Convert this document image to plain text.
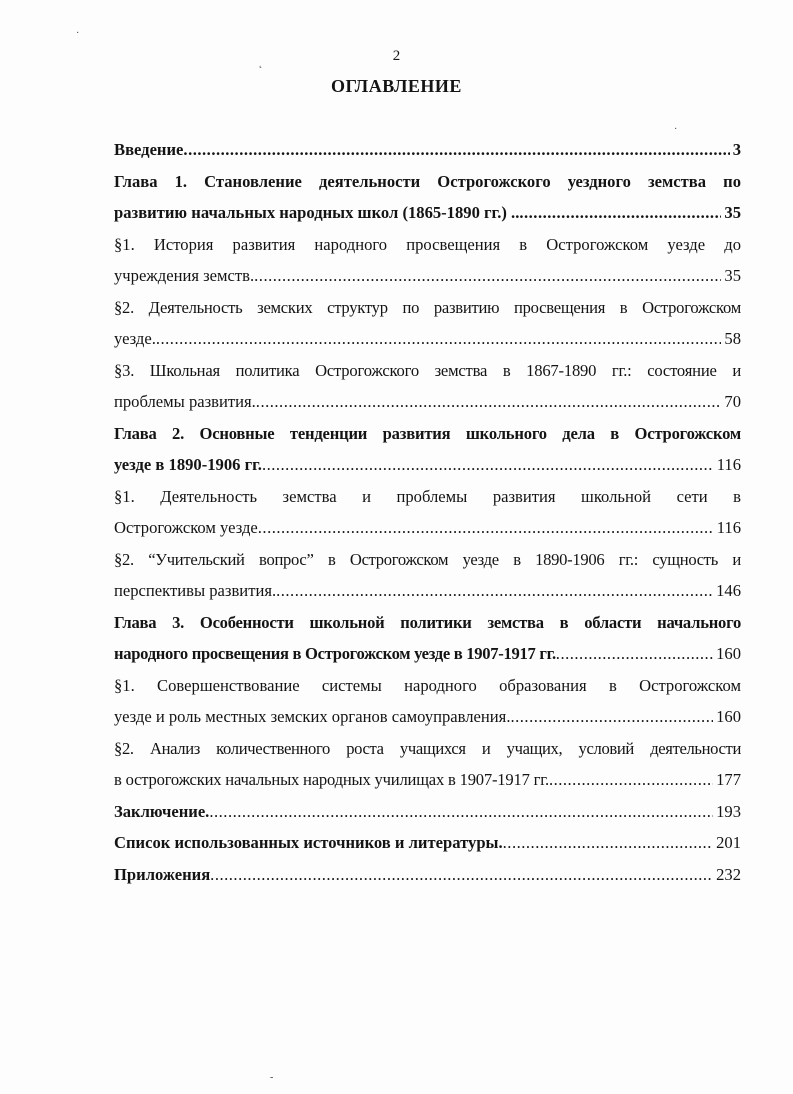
2
ОГЛАВЛЕНИЕ
Введение .....	3
Глава 1. Становление деятельности Острогожского уездного земства по
развитию начальных народных школ (1865-1890 гг.) .. .....	35
§1. История развития народного просвещения в Острогожском уезде до
учреждения земств. .....	35
§2. Деятельность земских структур по развитию просвещения в Острогожском
уезде. .....	58
§3. Школьная политика Острогожского земства в 1867-1890 гг.: состояние и
проблемы развития. .....	70
Глава 2. Основные тенденции развития школьного дела в Острогожском
уезде в 1890-1906 гг. .....	116
§1. Деятельность земства и проблемы развития школьной сети в
Острогожском уезде .....	116
§2. “Учительский вопрос” в Острогожском уезде в 1890-1906 гг.: сущность и
перспективы развития. .....	146
Глава 3. Особенности школьной политики земства в области начального
народного просвещения в Острогожском уезде в 1907-1917 гг. .....	160
§1. Совершенствование системы народного образования в Острогожском
уезде и роль местных земских органов самоуправления. .....	160
§2. Анализ количественного роста учащихся и учащих, условий деятельности
в острогожских начальных народных училищах в 1907-1917 гг. .....	177
Заключение. .....	193
Список использованных источников и литературы. .....	201
Приложения .....	232
·
˛
·
-
